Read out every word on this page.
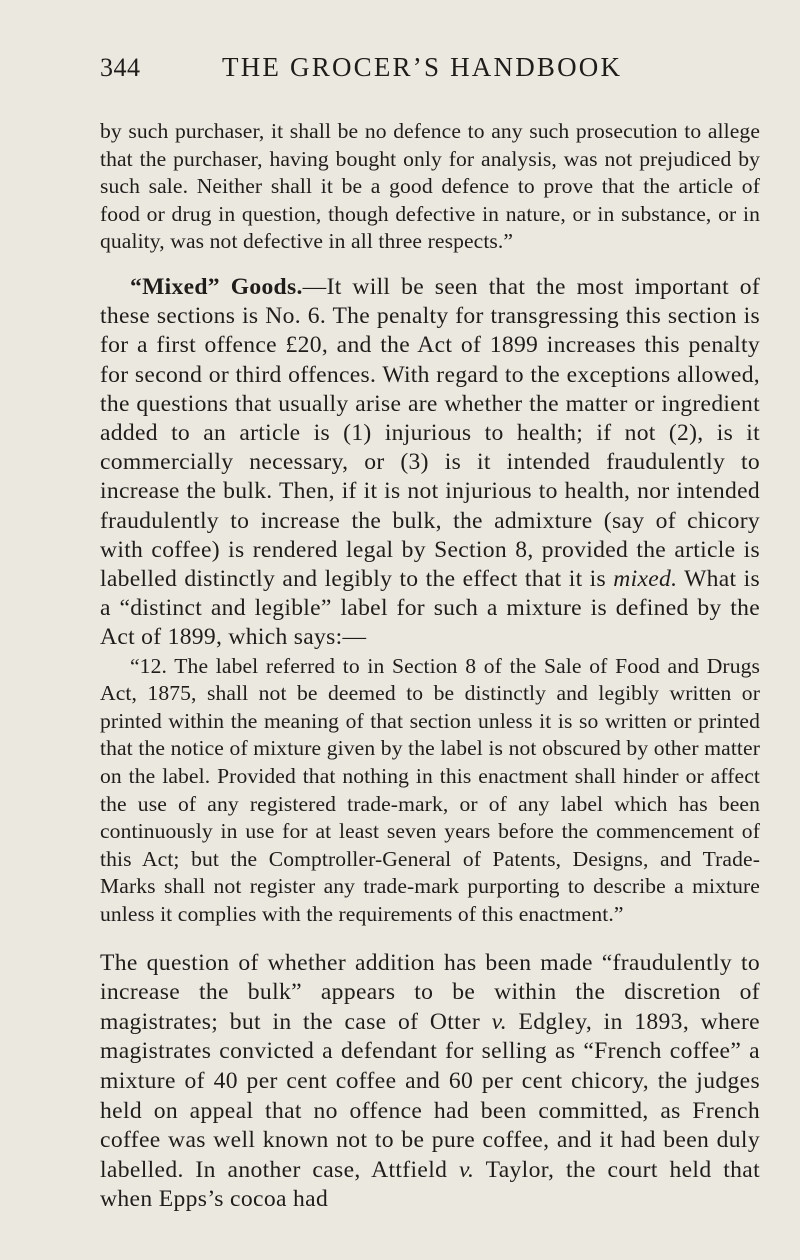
344	THE GROCER’S HANDBOOK

by such purchaser, it shall be no defence to any such prosecution to allege that the purchaser, having bought only for analysis, was not prejudiced by such sale. Neither shall it be a good defence to prove that the article of food or drug in question, though defective in nature, or in substance, or in quality, was not defective in all three respects.”

“Mixed” Goods.—It will be seen that the most important of these sections is No. 6. The penalty for transgressing this section is for a first offence £20, and the Act of 1899 increases this penalty for second or third offences. With regard to the exceptions allowed, the questions that usually arise are whether the matter or ingredient added to an article is (1) injurious to health; if not (2), is it commercially necessary, or (3) is it intended fraudulently to increase the bulk. Then, if it is not injurious to health, nor intended fraudulently to increase the bulk, the admixture (say of chicory with coffee) is rendered legal by Section 8, provided the article is labelled distinctly and legibly to the effect that it is mixed. What is a “distinct and legible” label for such a mixture is defined by the Act of 1899, which says:—

“12. The label referred to in Section 8 of the Sale of Food and Drugs Act, 1875, shall not be deemed to be distinctly and legibly written or printed within the meaning of that section unless it is so written or printed that the notice of mixture given by the label is not obscured by other matter on the label. Provided that nothing in this enactment shall hinder or affect the use of any registered trade-mark, or of any label which has been continuously in use for at least seven years before the commencement of this Act; but the Comptroller-General of Patents, Designs, and Trade-Marks shall not register any trade-mark purporting to describe a mixture unless it complies with the requirements of this enactment.”

The question of whether addition has been made “fraudulently to increase the bulk” appears to be within the discretion of magistrates; but in the case of Otter v. Edgley, in 1893, where magistrates convicted a defendant for selling as “French coffee” a mixture of 40 per cent coffee and 60 per cent chicory, the judges held on appeal that no offence had been committed, as French coffee was well known not to be pure coffee, and it had been duly labelled. In another case, Attfield v. Taylor, the court held that when Epps’s cocoa had
